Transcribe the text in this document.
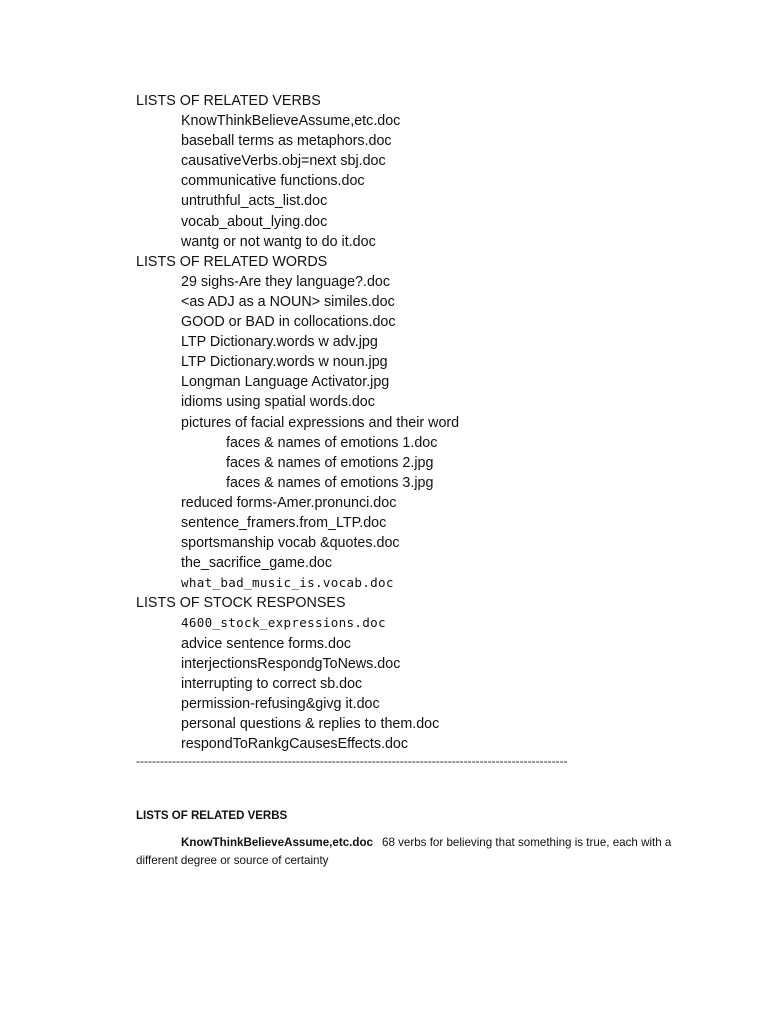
LISTS OF RELATED VERBS
KnowThinkBelieveAssume,etc.doc
baseball terms as metaphors.doc
causativeVerbs.obj=next sbj.doc
communicative functions.doc
untruthful_acts_list.doc
vocab_about_lying.doc
wantg or not wantg to do it.doc
LISTS OF RELATED WORDS
29 sighs-Are they language?.doc
<as ADJ as a NOUN> similes.doc
GOOD or BAD in collocations.doc
LTP Dictionary.words w adv.jpg
LTP Dictionary.words w noun.jpg
Longman Language Activator.jpg
idioms using spatial words.doc
pictures of facial expressions and their word
faces & names of emotions 1.doc
faces & names of emotions 2.jpg
faces & names of emotions 3.jpg
reduced forms-Amer.pronunci.doc
sentence_framers.from_LTP.doc
sportsmanship vocab &quotes.doc
the_sacrifice_game.doc
what_bad_music_is.vocab.doc
LISTS OF STOCK RESPONSES
4600_stock_expressions.doc
advice sentence forms.doc
interjectionsRespondgToNews.doc
interrupting to correct sb.doc
permission-refusing&givg it.doc
personal questions & replies to them.doc
respondToRankgCausesEffects.doc
------------------------------------------------------------------------------------------------------------
LISTS OF RELATED VERBS
KnowThinkBelieveAssume,etc.doc 68 verbs for believing that something is true, each with a different degree or source of certainty
